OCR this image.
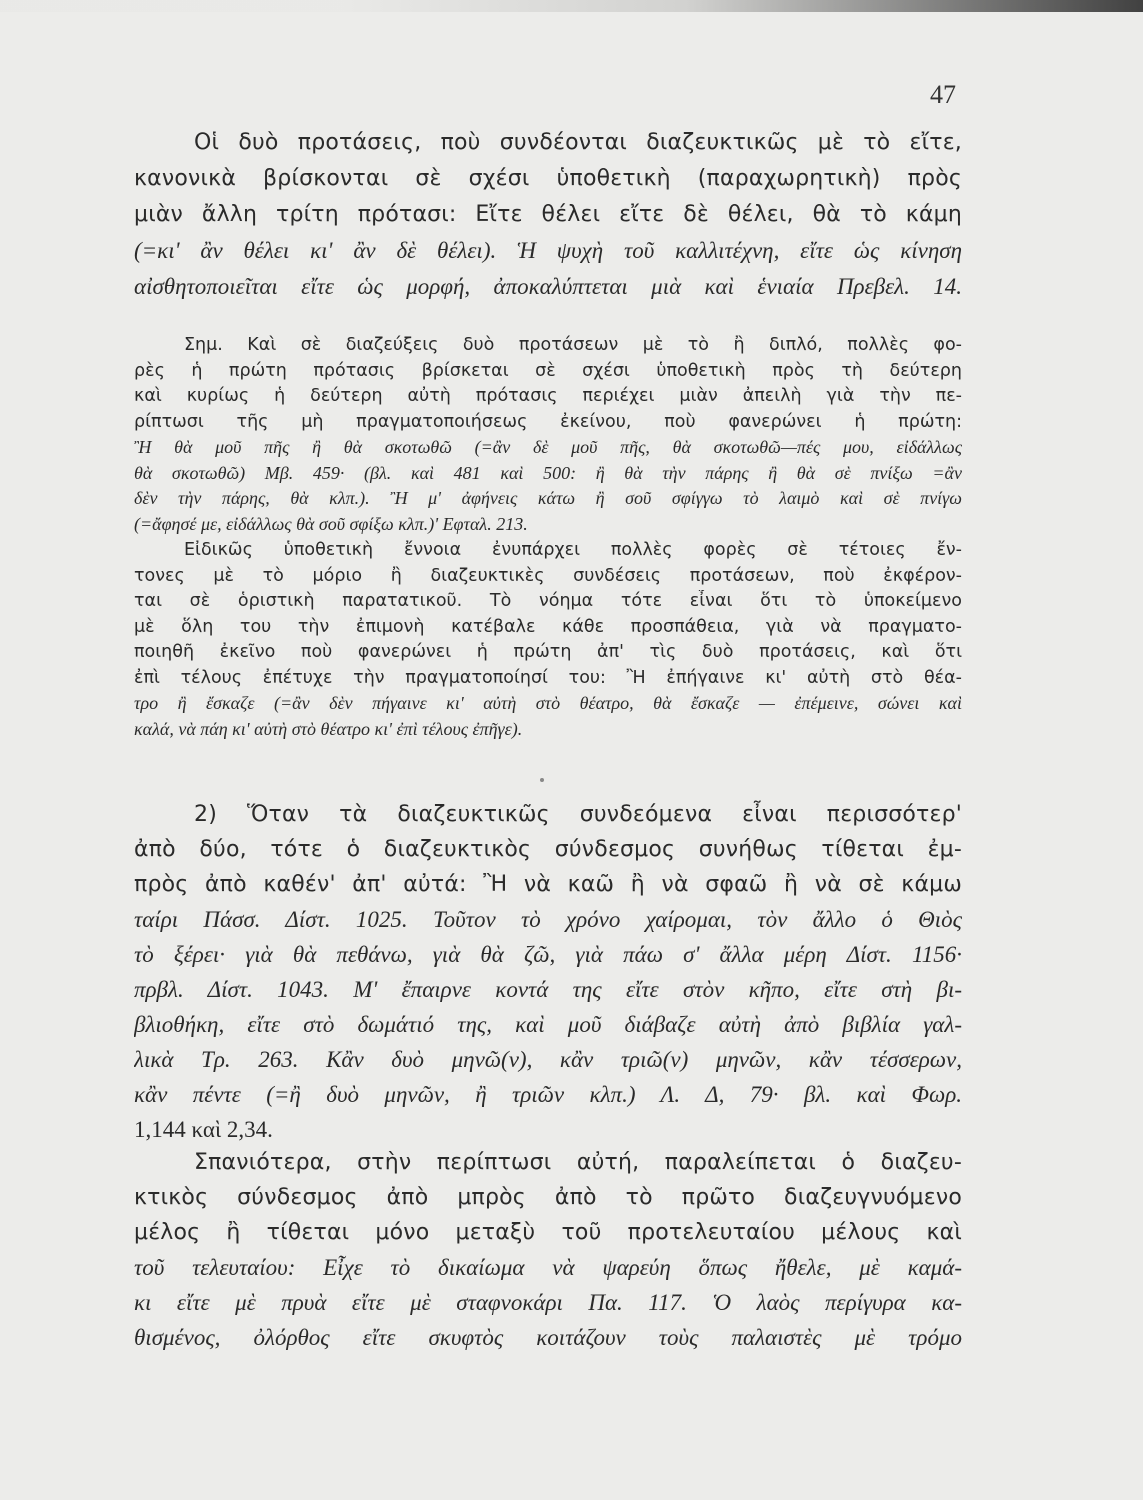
47
Οἱ δυὸ προτάσεις, ποὺ συνδέονται διαζευκτικῶς μὲ τὸ εἴτε,
κανονικὰ βρίσκονται σὲ σχέσι ὑποθετικὴ (παραχωρητικὴ) πρὸς
μιὰν ἄλλη τρίτη πρότασι: Εἴτε θέλει εἴτε δὲ θέλει, θὰ τὸ κάμη
(=κι' ἂν θέλει κι' ἂν δὲ θέλει). Ἡ ψυχὴ τοῦ καλλιτέχνη, εἴτε ὡς κίνηση
αἰσθητοποιεῖται εἴτε ὡς μορφή, ἀποκαλύπτεται μιὰ καὶ ἑνιαία Πρεβελ. 14.
Σημ. Καὶ σὲ διαζεύξεις δυὸ προτάσεων μὲ τὸ ἢ διπλό, πολλὲς φο-
ρὲς ἡ πρώτη πρότασις βρίσκεται σὲ σχέσι ὑποθετικὴ πρὸς τὴ δεύτερη
καὶ κυρίως ἡ δεύτερη αὐτὴ πρότασις περιέχει μιὰν ἀπειλὴ γιὰ τὴν πε-
ρίπτωσι τῆς μὴ πραγματοποιήσεως ἐκείνου, ποὺ φανερώνει ἡ πρώτη:
Ἢ θὰ μοῦ πῆς ἢ θὰ σκοτωθῶ (=ἂν δὲ μοῦ πῆς, θὰ σκοτωθῶ—πές μου, εἰδάλλως
θὰ σκοτωθῶ) Μβ. 459· (βλ. καὶ 481 καὶ 500: ἢ θὰ τὴν πάρης ἢ θὰ σὲ πνίξω =ἂν
δὲν τὴν πάρης, θὰ κλπ.). Ἢ μ' ἀφήνεις κάτω ἢ σοῦ σφίγγω τὸ λαιμὸ καὶ σὲ πνίγω
(=ἄφησέ με, εἰδάλλως θὰ σοῦ σφίξω κλπ.)' Εφταλ. 213.
Εἰδικῶς ὑποθετικὴ ἔννοια ἐνυπάρχει πολλὲς φορὲς σὲ τέτοιες ἔν-
τονες μὲ τὸ μόριο ἢ διαζευκτικὲς συνδέσεις προτάσεων, ποὺ ἐκφέρον-
ται σὲ ὁριστικὴ παρατατικοῦ. Τὸ νόημα τότε εἶναι ὅτι τὸ ὑποκείμενο
μὲ ὅλη του τὴν ἐπιμονὴ κατέβαλε κάθε προσπάθεια, γιὰ νὰ πραγματο-
ποιηθῆ ἐκεῖνο ποὺ φανερώνει ἡ πρώτη ἀπ' τὶς δυὸ προτάσεις, καὶ ὅτι
ἐπὶ τέλους ἐπέτυχε τὴν πραγματοποίησί του: Ἢ ἐπήγαινε κι' αὐτὴ στὸ θέα-
τρο ἢ ἔσκαζε (=ἂν δὲν πήγαινε κι' αὐτὴ στὸ θέατρο, θὰ ἔσκαζε — ἐπέμεινε, σώνει καὶ
καλά, νὰ πάη κι' αὐτὴ στὸ θέατρο κι' ἐπὶ τέλους ἐπῆγε).
2) Ὅταν τὰ διαζευκτικῶς συνδεόμενα εἶναι περισσότερ'
ἀπὸ δύο, τότε ὁ διαζευκτικὸς σύνδεσμος συνήθως τίθεται ἐμ-
πρὸς ἀπὸ καθέν' ἀπ' αὐτά: Ἢ νὰ καῶ ἢ νὰ σφαῶ ἢ νὰ σὲ κάμω
ταίρι Πάσσ. Δίστ. 1025. Τοῦτον τὸ χρόνο χαίρομαι, τὸν ἄλλο ὁ Θιὸς
τὸ ξέρει· γιὰ θὰ πεθάνω, γιὰ θὰ ζῶ, γιὰ πάω σ' ἄλλα μέρη Δίστ. 1156·
πρβλ. Δίστ. 1043. Μ' ἔπαιρνε κοντά της εἴτε στὸν κῆπο, εἴτε στὴ βι-
βλιοθήκη, εἴτε στὸ δωμάτιό της, καὶ μοῦ διάβαζε αὐτὴ ἀπὸ βιβλία γαλ-
λικὰ Τρ. 263. Κἂν δυὸ μηνῶ(ν), κἂν τριῶ(ν) μηνῶν, κἂν τέσσερων,
κἂν πέντε (=ἢ δυὸ μηνῶν, ἢ τριῶν κλπ.) Λ. Δ, 79· βλ. καὶ Φωρ.
1,144 καὶ 2,34.
Σπανιότερα, στὴν περίπτωσι αὐτή, παραλείπεται ὁ διαζευ-
κτικὸς σύνδεσμος ἀπὸ μπρὸς ἀπὸ τὸ πρῶτο διαζευγνυόμενο
μέλος ἢ τίθεται μόνο μεταξὺ τοῦ προτελευταίου μέλους καὶ
τοῦ τελευταίου: Εἶχε τὸ δικαίωμα νὰ ψαρεύη ὅπως ἤθελε, μὲ καμά-
κι εἴτε μὲ πρυὰ εἴτε μὲ σταφνοκάρι Πα. 117. Ὁ λαὸς περίγυρα κα-
θισμένος, ὀλόρθος εἴτε σκυφτὸς κοιτάζουν τοὺς παλαιστὲς μὲ τρόμο
